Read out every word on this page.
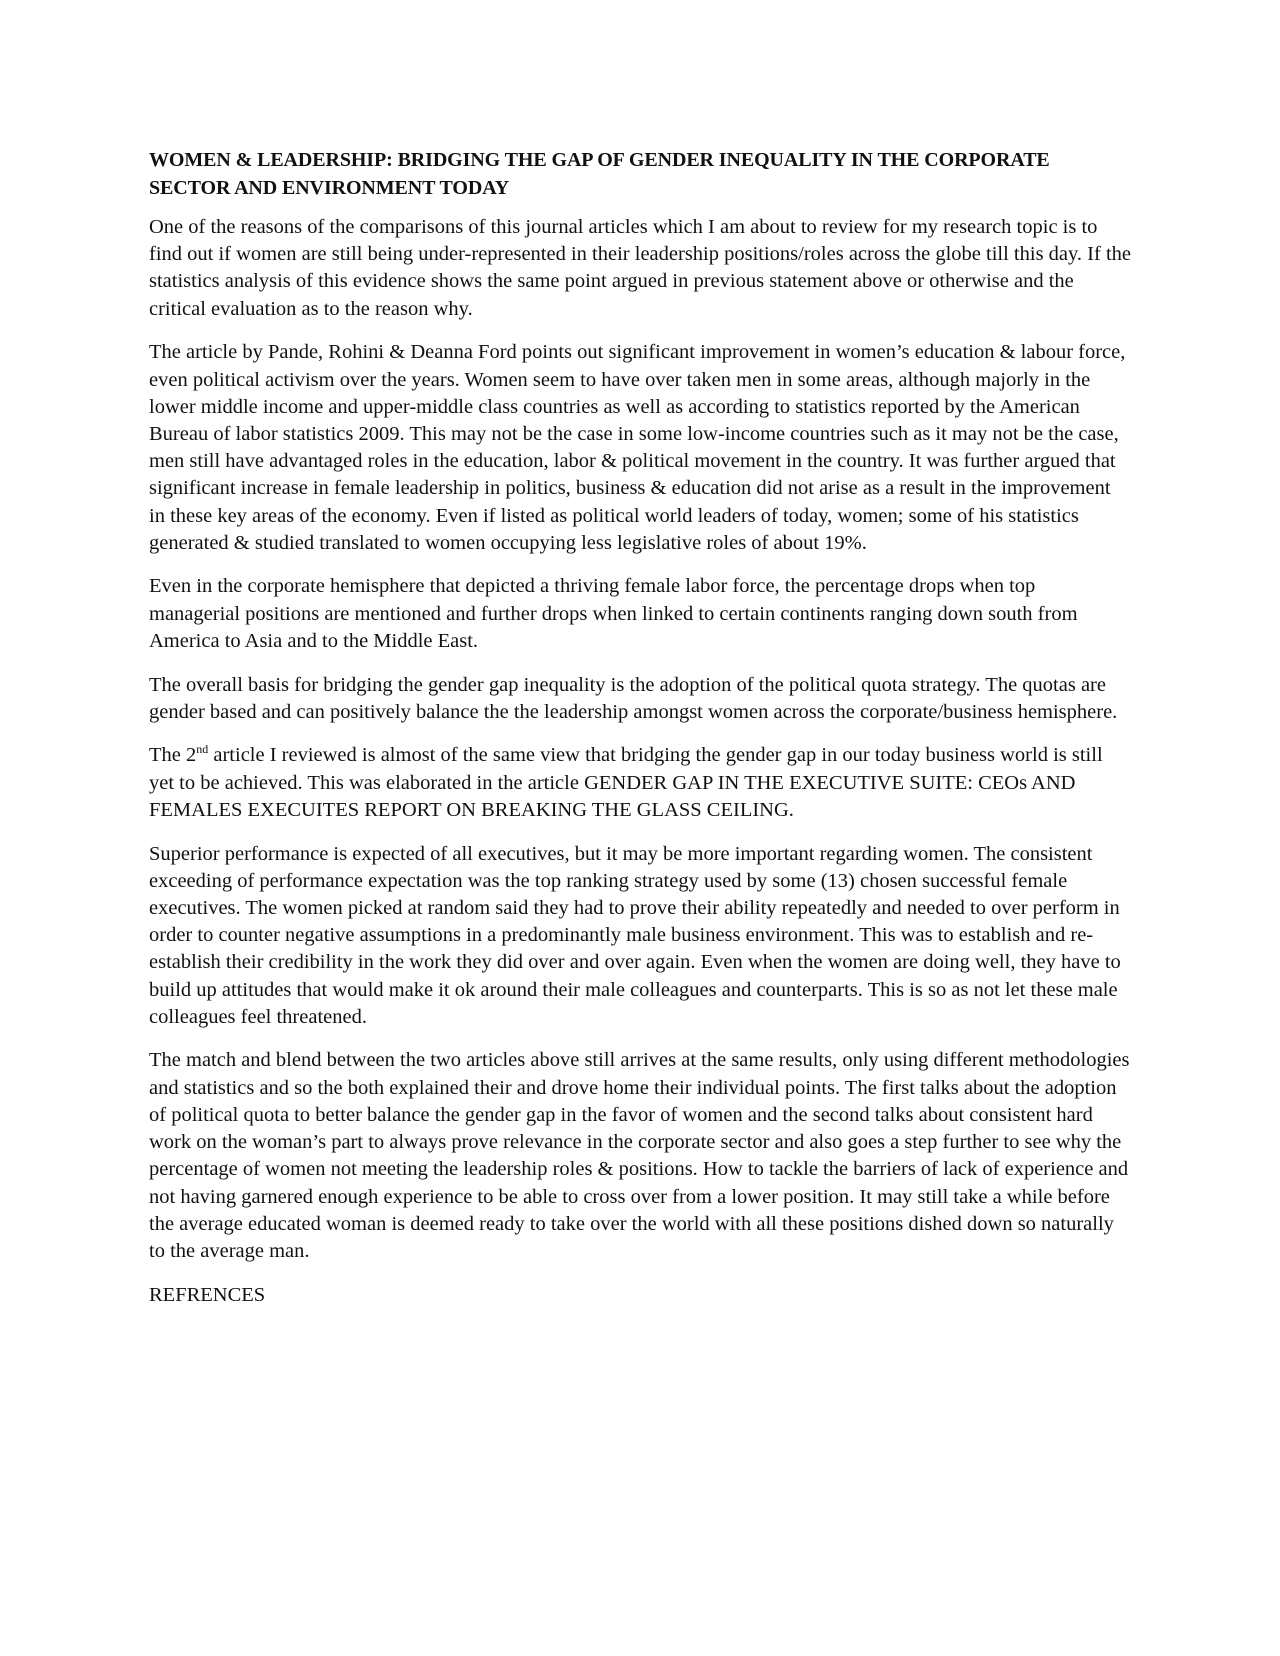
WOMEN & LEADERSHIP: BRIDGING THE GAP OF GENDER INEQUALITY IN THE CORPORATE SECTOR AND ENVIRONMENT TODAY

One of the reasons of the comparisons of this journal articles which I am about to review for my research topic is to find out if women are still being under-represented in their leadership positions/roles across the globe till this day. If the statistics analysis of this evidence shows the same point argued in previous statement above or otherwise and the critical evaluation as to the reason why.

The article by Pande, Rohini & Deanna Ford points out significant improvement in women’s education & labour force, even political activism over the years. Women seem to have over taken men in some areas, although majorly in the lower middle income and upper-middle class countries as well as according to statistics reported by the American Bureau of labor statistics 2009. This may not be the case in some low-income countries such as it may not be the case, men still have advantaged roles in the education, labor & political movement in the country. It was further argued that significant increase in female leadership in politics, business & education did not arise as a result in the improvement in these key areas of the economy. Even if listed as political world leaders of today, women; some of his statistics generated & studied translated to women occupying less legislative roles of about 19%.

Even in the corporate hemisphere that depicted a thriving female labor force, the percentage drops when top managerial positions are mentioned and further drops when linked to certain continents ranging down south from America to Asia and to the Middle East.

The overall basis for bridging the gender gap inequality is the adoption of the political quota strategy. The quotas are gender based and can positively balance the the leadership amongst women across the corporate/business hemisphere.

The 2nd article I reviewed is almost of the same view that bridging the gender gap in our today business world is still yet to be achieved. This was elaborated in the article GENDER GAP IN THE EXECUTIVE SUITE: CEOs AND FEMALES EXECUITES REPORT ON BREAKING THE GLASS CEILING.

Superior performance is expected of all executives, but it may be more important regarding women. The consistent exceeding of performance expectation was the top ranking strategy used by some (13) chosen successful female executives. The women picked at random said they had to prove their ability repeatedly and needed to over perform in order to counter negative assumptions in a predominantly male business environment. This was to establish and re-establish their credibility in the work they did over and over again. Even when the women are doing well, they have to build up attitudes that would make it ok around their male colleagues and counterparts. This is so as not let these male colleagues feel threatened.

The match and blend between the two articles above still arrives at the same results, only using different methodologies and statistics and so the both explained their and drove home their individual points. The first talks about the adoption of political quota to better balance the gender gap in the favor of women and the second talks about consistent hard work on the woman’s part to always prove relevance in the corporate sector and also goes a step further to see why the percentage of women not meeting the leadership roles & positions. How to tackle the barriers of lack of experience and not having garnered enough experience to be able to cross over from a lower position. It may still take a while before the average educated woman is deemed ready to take over the world with all these positions dished down so naturally to the average man.

REFRENCES
